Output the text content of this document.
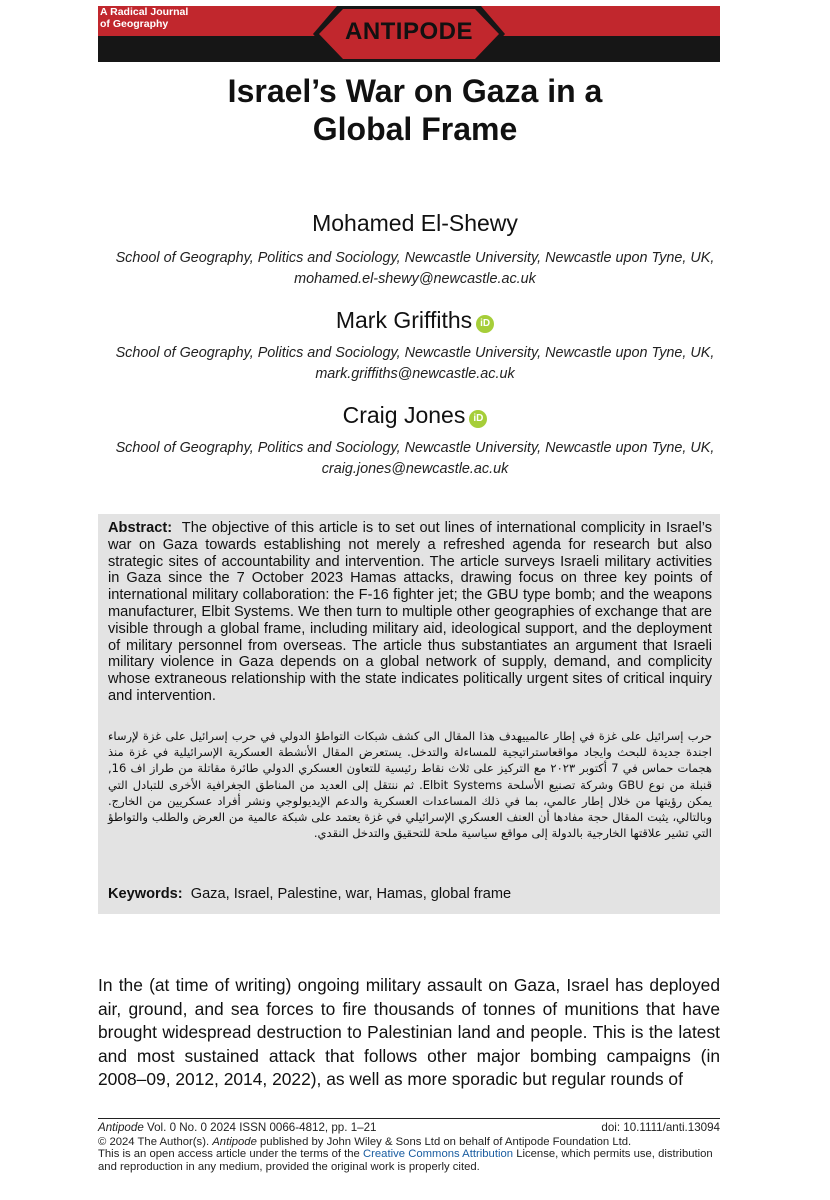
A Radical Journal
of Geography	ANTIPODE
Israel’s War on Gaza in a
Global Frame
Mohamed El-Shewy
School of Geography, Politics and Sociology, Newcastle University, Newcastle upon Tyne, UK,
mohamed.el-shewy@newcastle.ac.uk
Mark Griffiths iD
School of Geography, Politics and Sociology, Newcastle University, Newcastle upon Tyne, UK,
mark.griffiths@newcastle.ac.uk
Craig Jones iD
School of Geography, Politics and Sociology, Newcastle University, Newcastle upon Tyne, UK,
craig.jones@newcastle.ac.uk
Abstract: The objective of this article is to set out lines of international complicity in Israel’s war on Gaza towards establishing not merely a refreshed agenda for research but also strategic sites of accountability and intervention. The article surveys Israeli military activities in Gaza since the 7 October 2023 Hamas attacks, drawing focus on three key points of international military collaboration: the F-16 fighter jet; the GBU type bomb; and the weapons manufacturer, Elbit Systems. We then turn to multiple other geographies of exchange that are visible through a global frame, including military aid, ideological support, and the deployment of military personnel from overseas. The article thus substantiates an argument that Israeli military violence in Gaza depends on a global network of supply, demand, and complicity whose extraneous relationship with the state indicates politically urgent sites of critical inquiry and intervention.
حرب إسرائيل على غزة في إطار عالمييهدف هذا المقال الى كشف شبكات التواطؤ الدولي في حرب إسرائيل على غزة لإرساء اجندة جديدة للبحث وايجاد مواقعاستراتيجية للمساءلة والتدخل. يستعرض المقال الأنشطة العسكرية الإسرائيلية في غزة منذ هجمات حماس في 7 أكتوبر ٢٠٢٣ مع التركيز على ثلاث نقاط رئيسية للتعاون العسكري الدولي طائرة مقاتلة من طراز اف 16, قنبلة من نوع GBU وشركة تصنيع الأسلحة Elbit Systems. ثم ننتقل إلى العديد من المناطق الجغرافية الأخرى للتبادل التي يمكن رؤيتها من خلال إطار عالمي، بما في ذلك المساعدات العسكرية والدعم الإيديولوجي ونشر أفراد عسكريين من الخارج. وبالتالي، يثبت المقال حجة مفادها أن العنف العسكري الإسرائيلي في غزة يعتمد على شبكة عالمية من العرض والطلب والتواطؤ التي تشير علاقتها الخارجية بالدولة إلى مواقع سياسية ملحة للتحقيق والتدخل النقدي.
Keywords: Gaza, Israel, Palestine, war, Hamas, global frame
In the (at time of writing) ongoing military assault on Gaza, Israel has deployed air, ground, and sea forces to fire thousands of tonnes of munitions that have brought widespread destruction to Palestinian land and people. This is the latest and most sustained attack that follows other major bombing campaigns (in 2008–09, 2012, 2014, 2022), as well as more sporadic but regular rounds of
Antipode Vol. 0 No. 0 2024 ISSN 0066-4812, pp. 1–21	doi: 10.1111/anti.13094
© 2024 The Author(s). Antipode published by John Wiley & Sons Ltd on behalf of Antipode Foundation Ltd.
This is an open access article under the terms of the Creative Commons Attribution License, which permits use, distribution and reproduction in any medium, provided the original work is properly cited.
